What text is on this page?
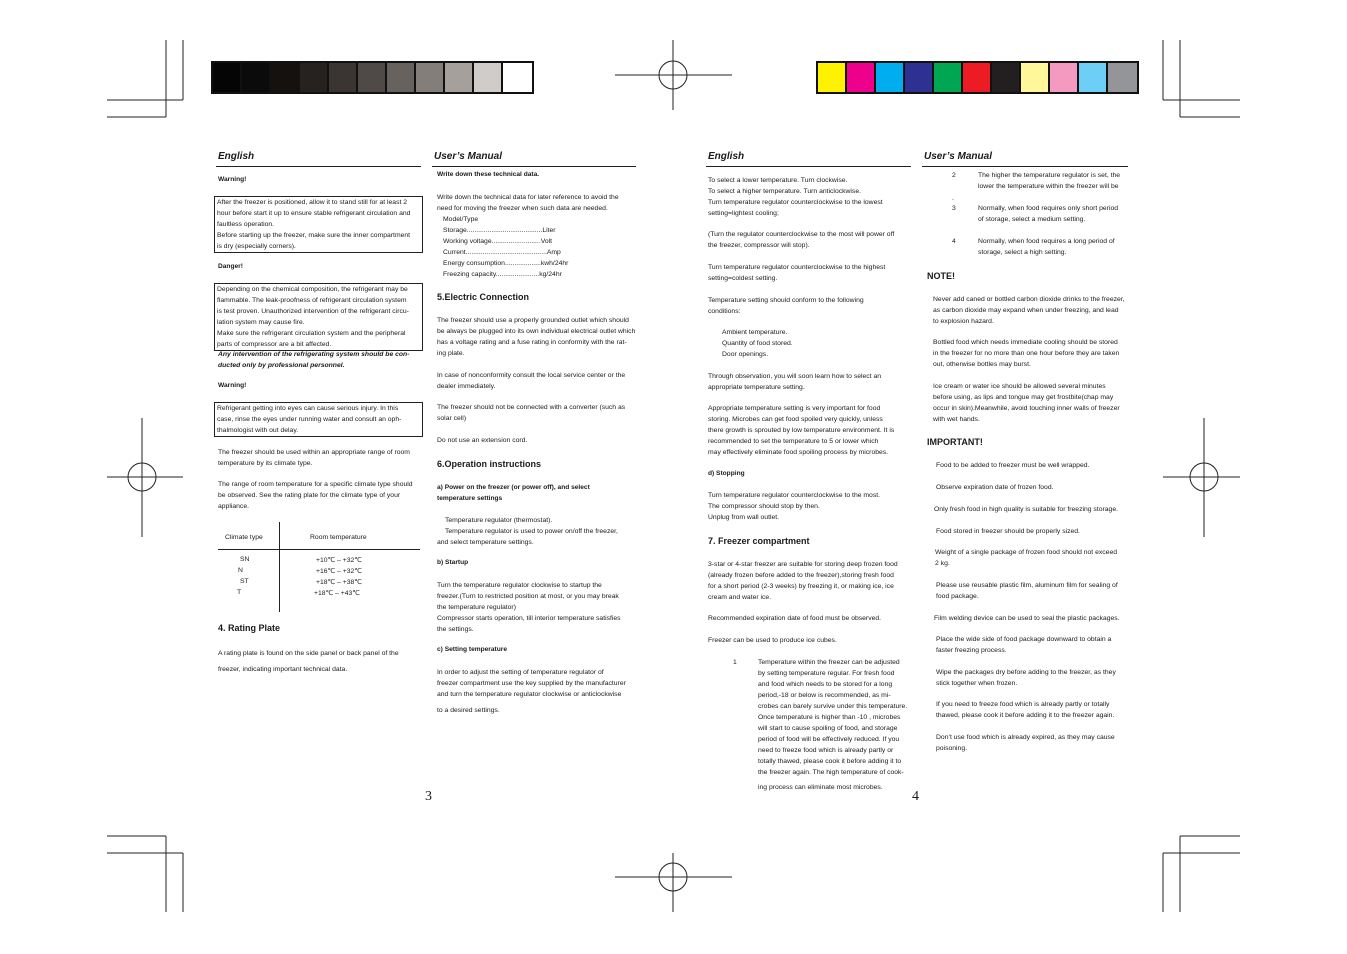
English	User’s Manual
Warning!
After the freezer is positioned, allow it to stand still for at least 2
hour before start it up to ensure stable refrigerant circulation and
faultless operation.
Before starting up the freezer, make sure the inner compartment
is dry (especially corners).
Danger!
Depending on the chemical composition, the refrigerant may be
flammable. The leak-proofness of refrigerant circulation system
is test proven. Unauthorized intervention of the refrigerant circu-
lation system may cause fire.
Make sure the refrigerant circulation system and the peripheral
parts of compressor are a bit affected.
Any intervention of the refrigerating system should be con-
ducted only by professional personnel.
Warning!
Refrigerant getting into eyes can cause serious injury. In this
case, rinse the eyes under running water and consult an oph-
thalmologist with out delay.
The freezer should be used within an appropriate range of room
temperature by its climate type.
The range of room temperature for a specific climate type should
be observed. See the rating plate for the climate type of your
appliance.
Climate type	Room temperature
SN	+10℃ – +32℃
N	+16℃ – +32℃
ST	+18℃ – +38℃
T	+18℃ – +43℃
4. Rating Plate
A rating plate is found on the side panel or back panel of the
freezer, indicating important technical data.
Write down these technical data.
Write down the technical data for later reference to avoid the
need for moving the freezer when such data are needed.
Model/Type
Storage........................................Liter
Working voltage..........................Volt
Current...........................................Amp
Energy consumption...................kwh/24hr
Freezing capacity.......................kg/24hr
5.Electric Connection
The freezer should use a properly grounded outlet which should
be always be plugged into its own individual electrical outlet which
has a voltage rating and a fuse rating in conformity with the rat-
ing plate.
In case of nonconformity consult the local service center or the
dealer immediately.
The freezer should not be connected with a converter (such as
solar cell)
Do not use an extension cord.
6.Operation instructions
a) Power on the freezer (or power off), and select
temperature settings
Temperature regulator (thermostat).
Temperature regulator is used to power on/off the freezer,
and select temperature settings.
b) Startup
Turn the temperature regulator clockwise to startup the
freezer.(Turn to restricted position at most, or you may break
the temperature regulator)
Compressor starts operation, till interior temperature satisfies
the settings.
c) Setting temperature
In order to adjust the setting of temperature regulator of
freezer compartment use the key supplied by the manufacturer
and turn the temperature regulator clockwise or anticlockwise
to a desired settings.
3
English	User’s Manual
To select a lower temperature. Turn clockwise.
To select a higher temperature. Turn anticlockwise.
Turn temperature regulator counterclockwise to the lowest
setting=lightest cooling;
(Turn the regulator counterclockwise to the most will power off
the freezer, compressor will stop).
Turn temperature regulator counterclockwise to the highest
setting=coldest setting.
Temperature setting should conform to the following
conditions:
Ambient temperature.
Quantity of food stored.
Door openings.
Through observation, you will soon learn how to select an
appropriate temperature setting.
Appropriate temperature setting is very important for food
storing. Microbes can get food spoiled very quickly, unless
there growth is sprouted by low temperature environment. It is
recommended to set the temperature to 5 or lower which
may effectively eliminate food spoiling process by microbes.
d) Stopping
Turn temperature regulator counterclockwise to the most.
The compressor should stop by then.
Unplug from wall outlet.
7. Freezer compartment
3-star or 4-star freezer are suitable for storing deep frozen food
(already frozen before added to the freezer),storing fresh food
for a short period (2-3 weeks) by freezing it, or making ice, ice
cream and water ice.
Recommended expiration date of food must be observed.
Freezer can be used to produce ice cubes.
1	Temperature within the freezer can be adjusted
by setting temperature regular. For fresh food
and food which needs to be stored for a long
period,-18 or below is recommended, as mi-
crobes can barely survive under this temperature.
Once temperature is higher than -10 , microbes
will start to cause spoiling of food, and storage
period of food will be effectively reduced. If you
need to freeze food which is already partly or
totally thawed, please cook it before adding it to
the freezer again. The high temperature of cook-
ing process can eliminate most microbes.
2	The higher the temperature regulator is set, the
lower the temperature within the freezer will be
3	Normally, when food requires only short period
of storage, select a medium setting.
4	Normally, when food requires a long period of
storage, select a high setting.
.
NOTE!
Never add caned or bottled carbon dioxide drinks to the freezer,
as carbon dioxide may expand when under freezing, and lead
to explosion hazard.
Bottled food which needs immediate cooling should be stored
in the freezer for no more than one hour before they are taken
out, otherwise bottles may burst.
Ice cream or water ice should be allowed several minutes
before using, as lips and tongue may get frostbite(chap may
occur in skin).Meanwhile, avoid touching inner walls of freezer
with wet hands.
IMPORTANT!
Food to be added to freezer must be well wrapped.
Observe expiration date of frozen food.
Only fresh food in high quality is suitable for freezing storage.
Food stored in freezer should be properly sized.
Weight of a single package of frozen food should not exceed
2 kg.
Please use reusable plastic film, aluminum film for sealing of
food package.
Film welding device can be used to seal the plastic packages.
Place the wide side of food package downward to obtain a
faster freezing process.
Wipe the packages dry before adding to the freezer, as they
stick together when frozen.
If you need to freeze food which is already partly or totally
thawed, please cook it before adding it to the freezer again.
Don’t use food which is already expired, as they may cause
poisoning.
4
